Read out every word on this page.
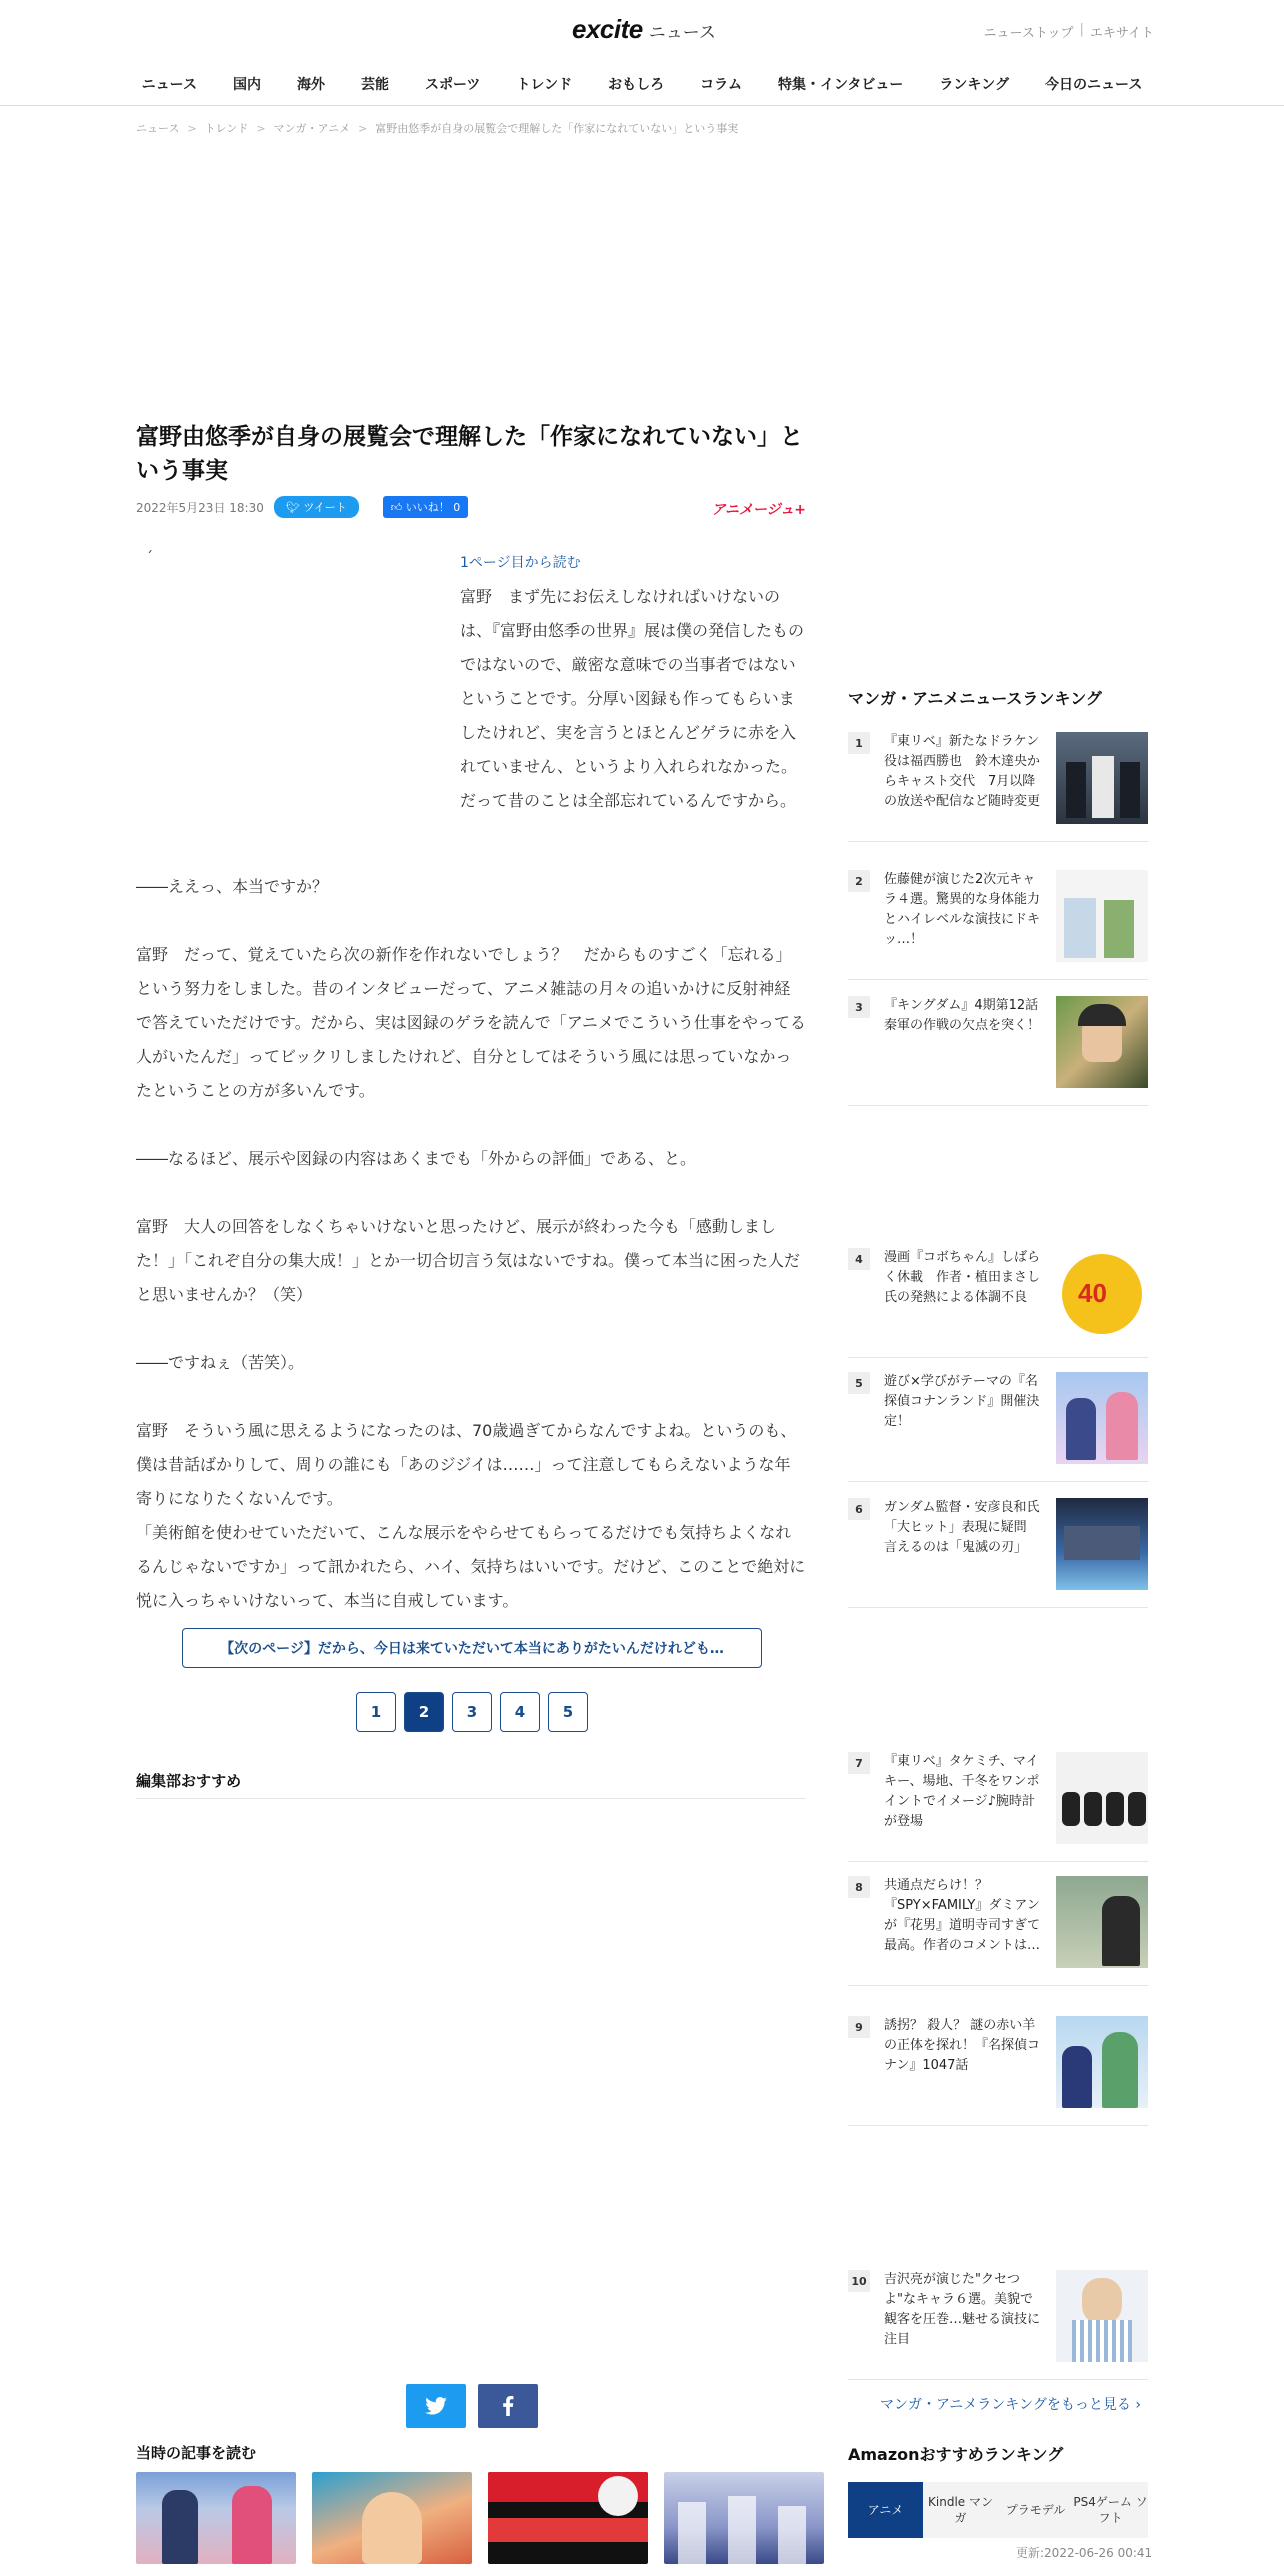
excite ニュース	ニューストップ | エキサイト
ニュース	国内	海外	芸能	スポーツ	トレンド	おもしろ	コラム	特集・インタビュー	ランキング	今日のニュース
ニュース > トレンド > マンガ・アニメ > 富野由悠季が自身の展覧会で理解した「作家になれていない」という事実
富野由悠季が自身の展覧会で理解した「作家になれていない」という事実
2022年5月23日 18:30	🐦︎ ツイート	👍︎ いいね！ 0	アニメージュ+
´	1ページ目から読む

富野　まず先にお伝えしなければいけないのは、『富野由悠季の世界』展は僕の発信したものではないので、厳密な意味での当事者ではないということです。分厚い図録も作ってもらいましたけれど、実を言うとほとんどゲラに赤を入れていません、というより入れられなかった。だって昔のことは全部忘れているんですから。

――ええっ、本当ですか？

富野　だって、覚えていたら次の新作を作れないでしょう？　だからものすごく「忘れる」という努力をしました。昔のインタビューだって、アニメ雑誌の月々の追いかけに反射神経で答えていただけです。だから、実は図録のゲラを読んで「アニメでこういう仕事をやってる人がいたんだ」ってビックリしましたけれど、自分としてはそういう風には思っていなかったということの方が多いんです。

――なるほど、展示や図録の内容はあくまでも「外からの評価」である、と。

富野　大人の回答をしなくちゃいけないと思ったけど、展示が終わった今も「感動しました！」「これぞ自分の集大成！」とか一切合切言う気はないですね。僕って本当に困った人だと思いませんか？（笑）

――ですねぇ（苦笑）。

富野　そういう風に思えるようになったのは、70歳過ぎてからなんですよね。というのも、僕は昔話ばかりして、周りの誰にも「あのジジイは……」って注意してもらえないような年寄りになりたくないんです。

「美術館を使わせていただいて、こんな展示をやらせてもらってるだけでも気持ちよくなれるんじゃないですか」って訊かれたら、ハイ、気持ちはいいです。だけど、このことで絶対に悦に入っちゃいけないって、本当に自戒しています。

【次のページ】だから、今日は来ていただいて本当にありがたいんだけれども…
1	2	3	4	5
編集部おすすめ
当時の記事を読む
マンガ・アニメニュースランキング
1	『東リベ』新たなドラケン役は福西勝也　鈴木達央からキャスト交代　7月以降の放送や配信など随時変更
2	佐藤健が演じた2次元キャラ４選。驚異的な身体能力とハイレベルな演技にドキッ…！
3	『キングダム』4期第12話 秦軍の作戦の欠点を突く！
4	漫画『コボちゃん』しばらく休載　作者・植田まさし氏の発熱による体調不良	40
5	遊び×学びがテーマの『名探偵コナンランド』開催決定！
6	ガンダム監督・安彦良和氏「大ヒット」表現に疑問　言えるのは「鬼滅の刃」
7	『東リベ』タケミチ、マイキー、場地、千冬をワンポイントでイメージ♪腕時計が登場
8	共通点だらけ！？『SPY×FAMILY』ダミアンが『花男』道明寺司すぎて最高。作者のコメントは…
9	誘拐？ 殺人？ 謎の赤い羊の正体を探れ！『名探偵コナン』1047話
10 吉沢亮が演じた"クセつよ"なキャラ６選。美貌で観客を圧巻…魅せる演技に注目
マンガ・アニメランキングをもっと見る ›
Amazonおすすめランキング
アニメ
Kindle マンガ
プラモデル
PS4ゲーム ソフト
更新:2022-06-26 00:41
